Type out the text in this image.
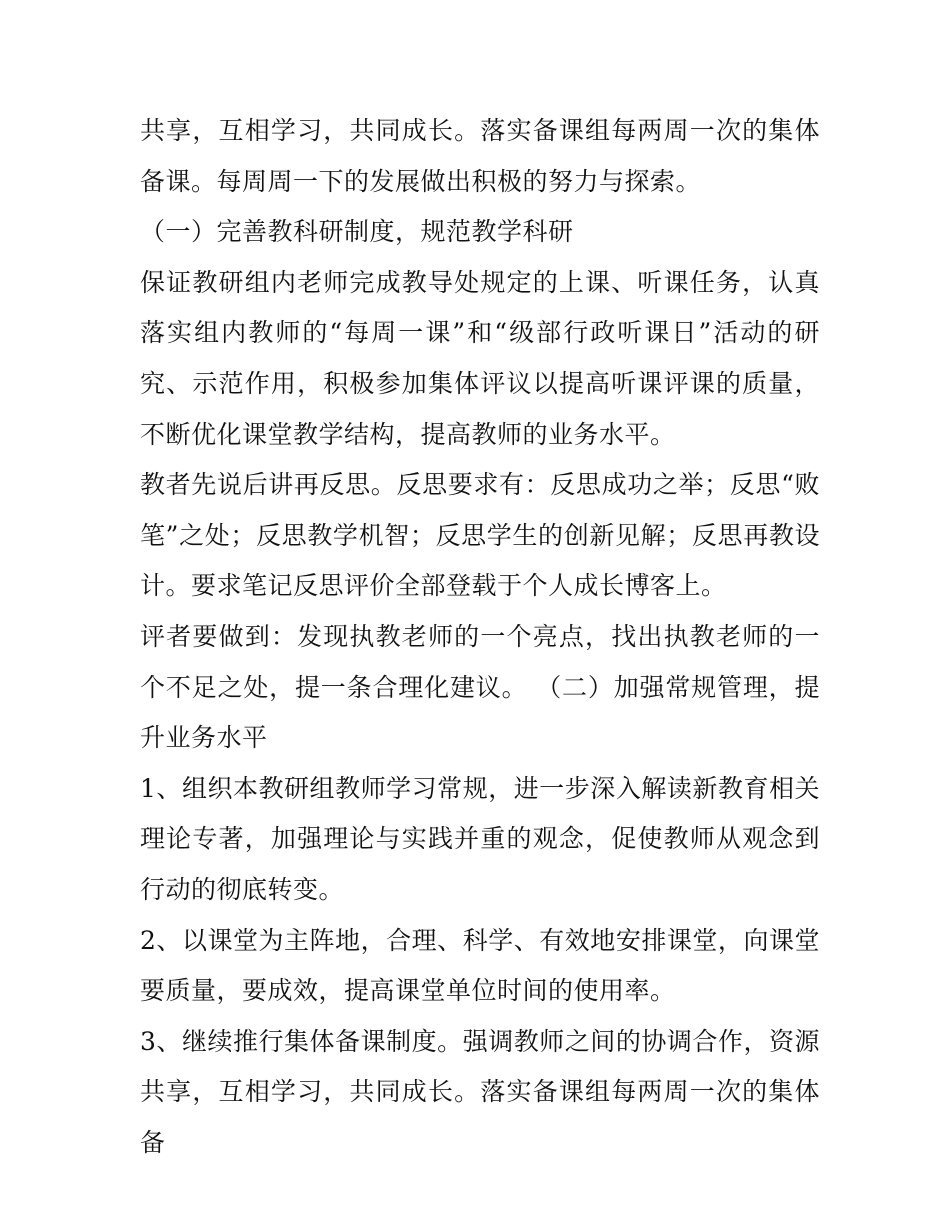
共享，互相学习，共同成长。落实备课组每两周一次的集体备课。每周周一下的发展做出积极的努力与探索。

（一）完善教科研制度，规范教学科研

保证教研组内老师完成教导处规定的上课、听课任务，认真落实组内教师的“每周一课”和“级部行政听课日”活动的研究、示范作用，积极参加集体评议以提高听课评课的质量，不断优化课堂教学结构，提高教师的业务水平。

教者先说后讲再反思。反思要求有：反思成功之举；反思“败笔”之处；反思教学机智；反思学生的创新见解；反思再教设计。要求笔记反思评价全部登载于个人成长博客上。

评者要做到：发现执教老师的一个亮点，找出执教老师的一个不足之处，提一条合理化建议。 （二）加强常规管理，提升业务水平

1、组织本教研组教师学习常规，进一步深入解读新教育相关理论专著，加强理论与实践并重的观念，促使教师从观念到行动的彻底转变。

2、以课堂为主阵地，合理、科学、有效地安排课堂，向课堂要质量，要成效，提高课堂单位时间的使用率。

3、继续推行集体备课制度。强调教师之间的协调合作，资源共享，互相学习，共同成长。落实备课组每两周一次的集体备
